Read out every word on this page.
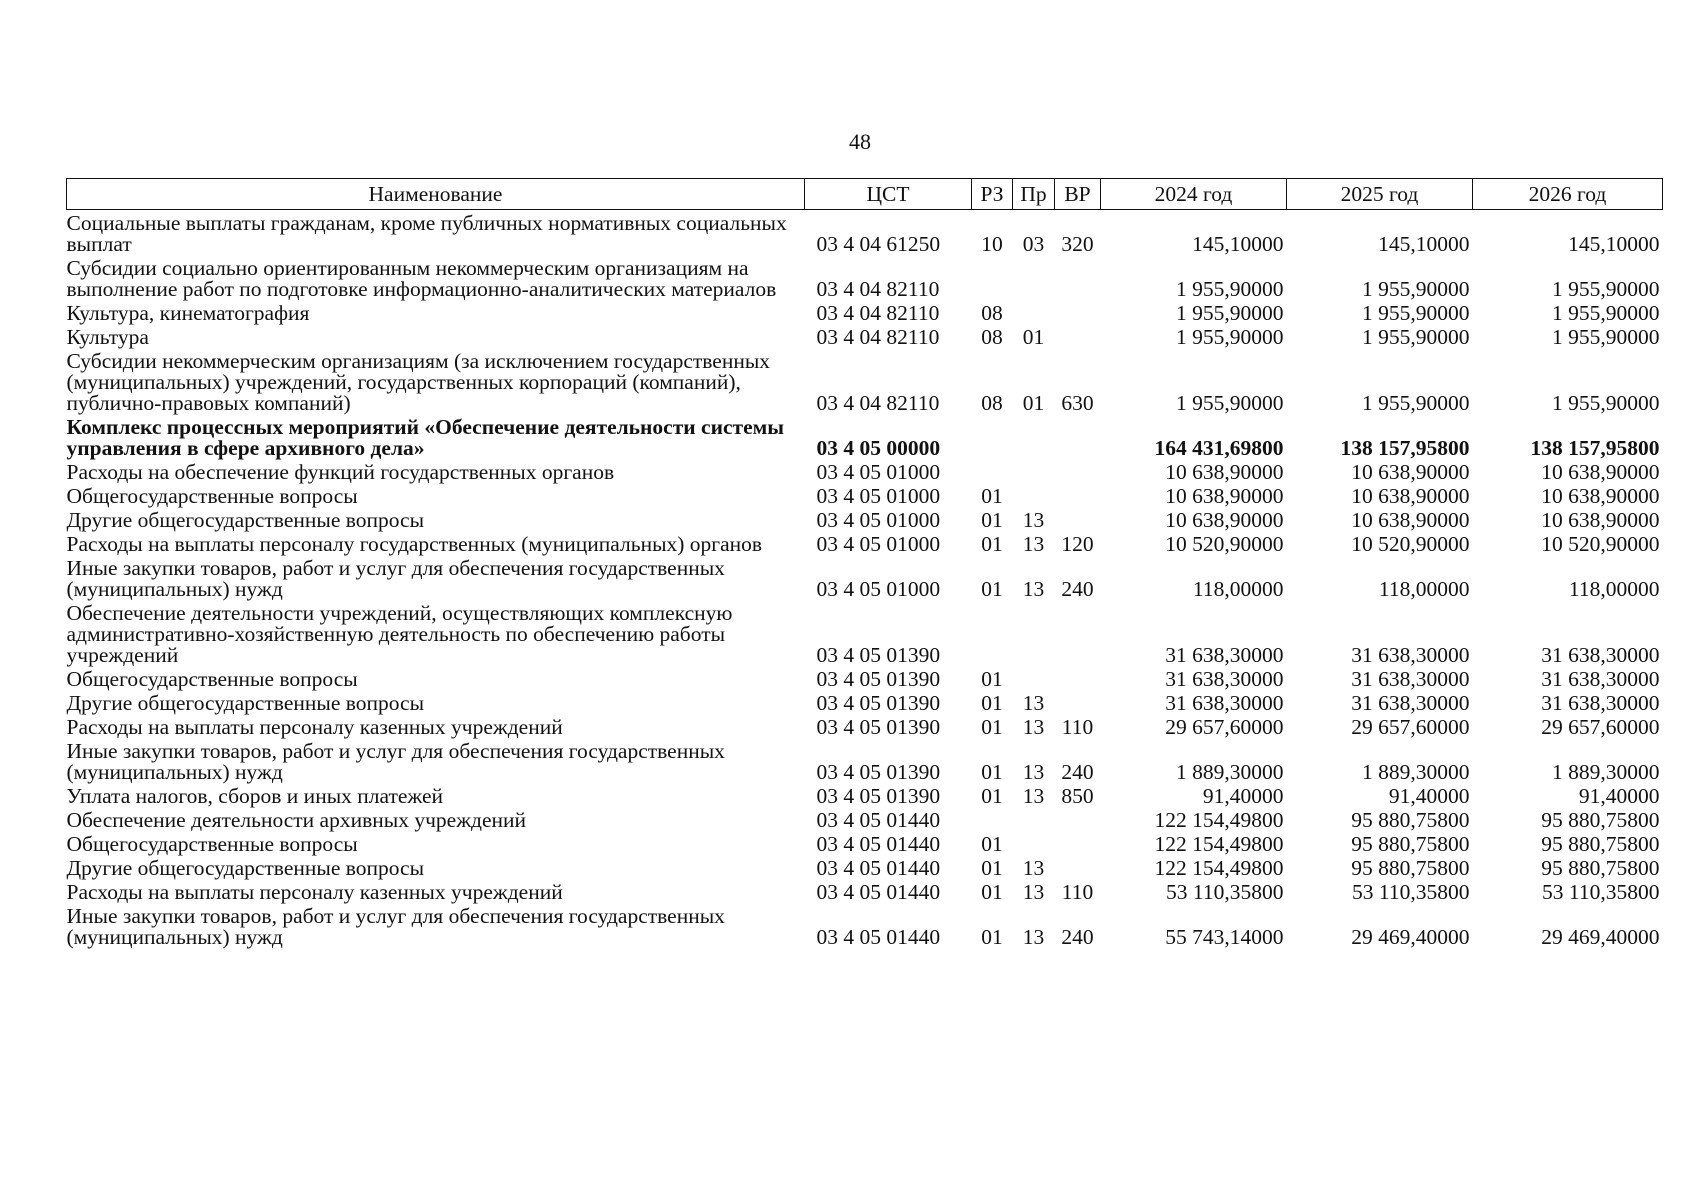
48
Наименование	ЦСТ	РЗ	Пр	ВР	2024 год	2025 год	2026 год
Социальные выплаты гражданам, кроме публичных нормативных социальных выплат	03 4 04 61250	10	03	320	145,10000	145,10000	145,10000
Субсидии социально ориентированным некоммерческим организациям на выполнение работ по подготовке информационно-аналитических материалов	03 4 04 82110				1 955,90000	1 955,90000	1 955,90000
Культура, кинематография	03 4 04 82110	08			1 955,90000	1 955,90000	1 955,90000
Культура	03 4 04 82110	08	01		1 955,90000	1 955,90000	1 955,90000
Субсидии некоммерческим организациям (за исключением государственных (муниципальных) учреждений, государственных корпораций (компаний), публично-правовых компаний)	03 4 04 82110	08	01	630	1 955,90000	1 955,90000	1 955,90000
Комплекс процессных мероприятий «Обеспечение деятельности системы управления в сфере архивного дела»	03 4 05 00000				164 431,69800	138 157,95800	138 157,95800
Расходы на обеспечение функций государственных органов	03 4 05 01000				10 638,90000	10 638,90000	10 638,90000
Общегосударственные вопросы	03 4 05 01000	01			10 638,90000	10 638,90000	10 638,90000
Другие общегосударственные вопросы	03 4 05 01000	01	13		10 638,90000	10 638,90000	10 638,90000
Расходы на выплаты персоналу государственных (муниципальных) органов	03 4 05 01000	01	13	120	10 520,90000	10 520,90000	10 520,90000
Иные закупки товаров, работ и услуг для обеспечения государственных (муниципальных) нужд	03 4 05 01000	01	13	240	118,00000	118,00000	118,00000
Обеспечение деятельности учреждений, осуществляющих комплексную административно-хозяйственную деятельность по обеспечению работы учреждений	03 4 05 01390				31 638,30000	31 638,30000	31 638,30000
Общегосударственные вопросы	03 4 05 01390	01			31 638,30000	31 638,30000	31 638,30000
Другие общегосударственные вопросы	03 4 05 01390	01	13		31 638,30000	31 638,30000	31 638,30000
Расходы на выплаты персоналу казенных учреждений	03 4 05 01390	01	13	110	29 657,60000	29 657,60000	29 657,60000
Иные закупки товаров, работ и услуг для обеспечения государственных (муниципальных) нужд	03 4 05 01390	01	13	240	1 889,30000	1 889,30000	1 889,30000
Уплата налогов, сборов и иных платежей	03 4 05 01390	01	13	850	91,40000	91,40000	91,40000
Обеспечение деятельности архивных учреждений	03 4 05 01440				122 154,49800	95 880,75800	95 880,75800
Общегосударственные вопросы	03 4 05 01440	01			122 154,49800	95 880,75800	95 880,75800
Другие общегосударственные вопросы	03 4 05 01440	01	13		122 154,49800	95 880,75800	95 880,75800
Расходы на выплаты персоналу казенных учреждений	03 4 05 01440	01	13	110	53 110,35800	53 110,35800	53 110,35800
Иные закупки товаров, работ и услуг для обеспечения государственных (муниципальных) нужд	03 4 05 01440	01	13	240	55 743,14000	29 469,40000	29 469,40000
